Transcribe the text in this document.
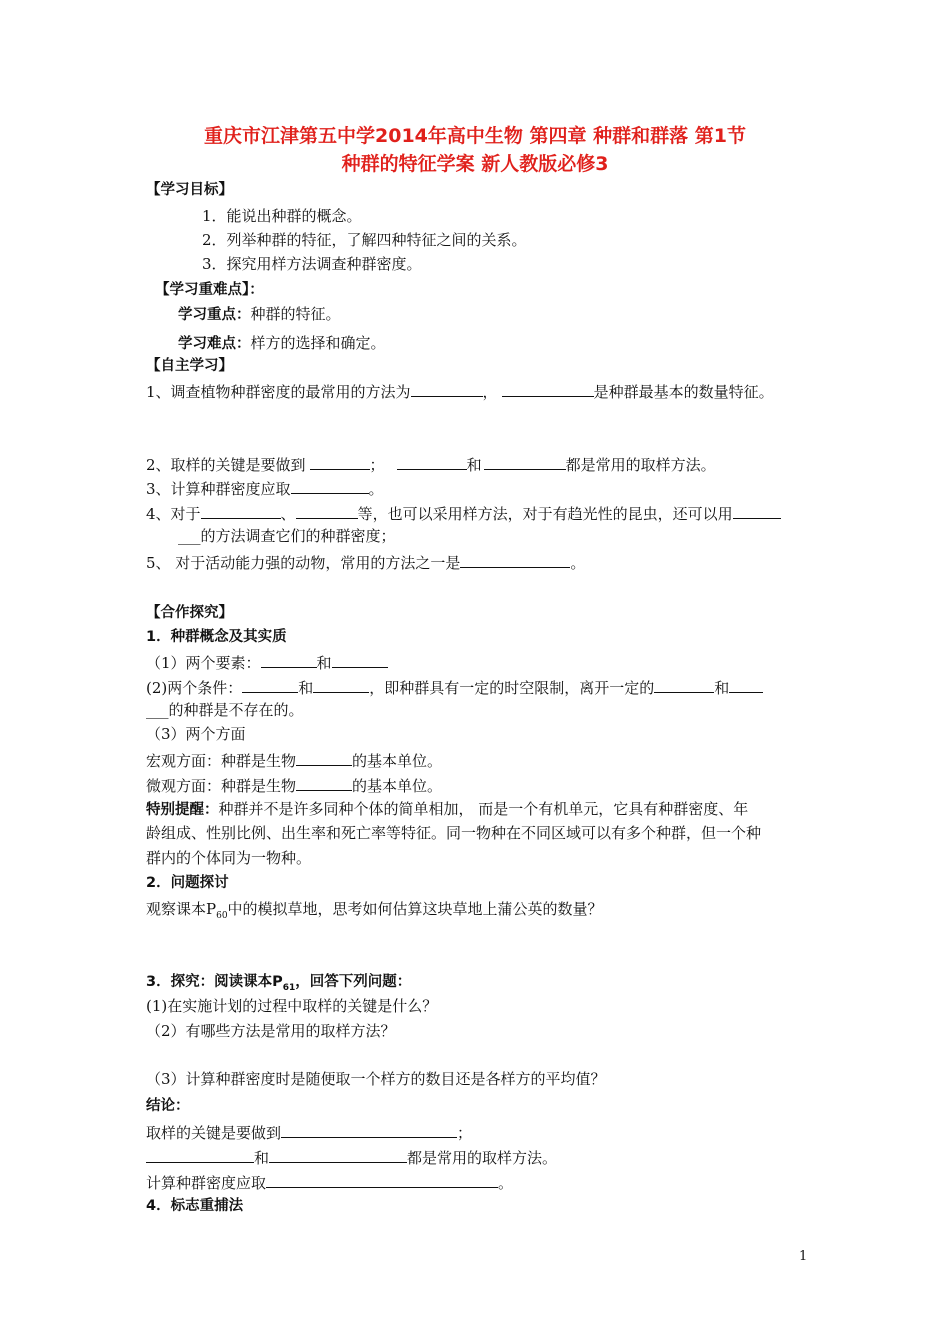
重庆市江津第五中学2014年高中生物 第四章 种群和群落 第1节
种群的特征学案 新人教版必修3
【学习目标】
1．能说出种群的概念。
2．列举种群的特征，了解四种特征之间的关系。
3．探究用样方法调查种群密度。
【学习重难点】：
学习重点：种群的特征。
学习难点：样方的选择和确定。
【自主学习】
1、调查植物种群密度的最常用的方法为	，	是种群最基本的数量特征。
2、取样的关键是要做到	；	和	都是常用的取样方法。
3、计算种群密度应取	。
4、对于	、	等，也可以采用样方法，对于有趋光性的昆虫，还可以用
___的方法调查它们的种群密度；
5、 对于活动能力强的动物，常用的方法之一是	。
【合作探究】
1．种群概念及其实质
（1）两个要素：	和
(2)两个条件：	和	，即种群具有一定的时空限制，离开一定的	和
___的种群是不存在的。
（3）两个方面
宏观方面：种群是生物	的基本单位。
微观方面：种群是生物	的基本单位。
特别提醒：种群并不是许多同种个体的简单相加， 而是一个有机单元，它具有种群密度、年
龄组成、性别比例、出生率和死亡率等特征。同一物种在不同区域可以有多个种群，但一个种
群内的个体同为一物种。
2．问题探讨
观察课本$P_{60}$中的模拟草地，思考如何估算这块草地上蒲公英的数量？
3．探究：阅读课本$P_{61}$，回答下列问题：
(1)在实施计划的过程中取样的关键是什么？
（2）有哪些方法是常用的取样方法？
（3）计算种群密度时是随便取一个样方的数目还是各样方的平均值？
结论：
取样的关键是要做到	；
和	都是常用的取样方法。
计算种群密度应取	。
4．标志重捕法
1
